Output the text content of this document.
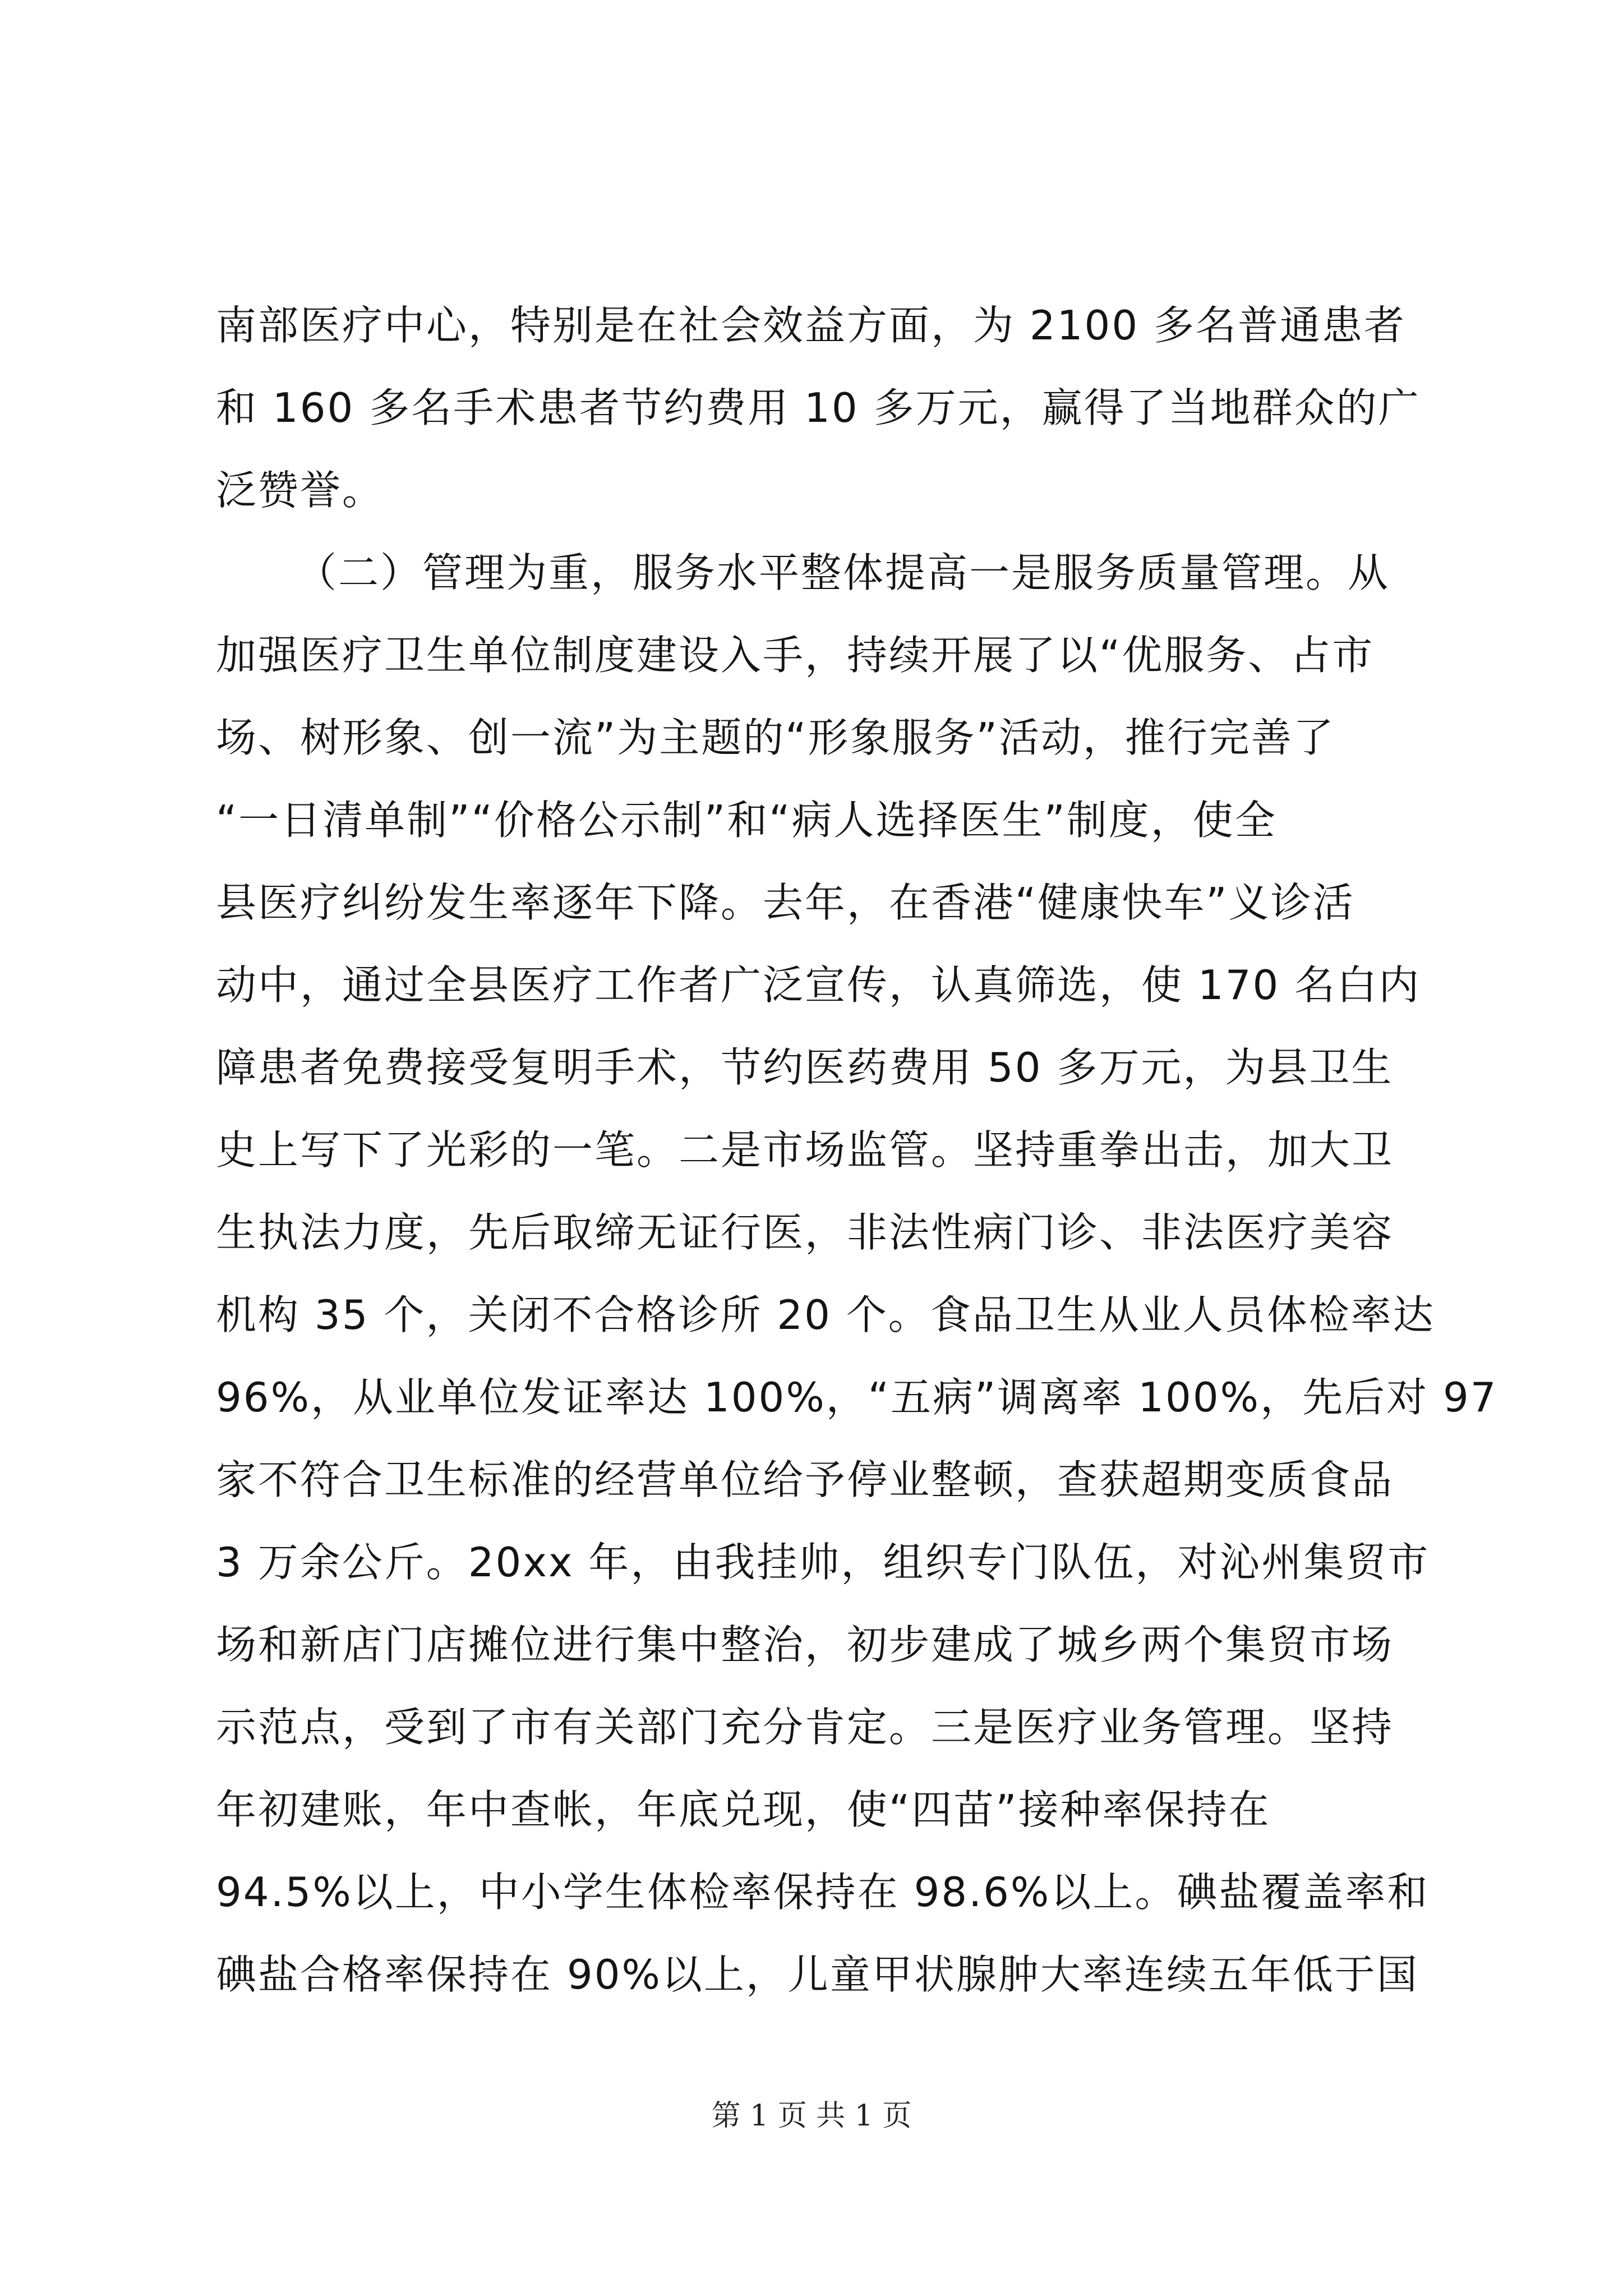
南部医疗中心，特别是在社会效益方面，为 2100 多名普通患者
和 160 多名手术患者节约费用 10 多万元，赢得了当地群众的广
泛赞誉。
（二）管理为重，服务水平整体提高一是服务质量管理。从
加强医疗卫生单位制度建设入手，持续开展了以“优服务、占市
场、树形象、创一流”为主题的“形象服务”活动，推行完善了
“一日清单制”“价格公示制”和“病人选择医生”制度，使全
县医疗纠纷发生率逐年下降。去年，在香港“健康快车”义诊活
动中，通过全县医疗工作者广泛宣传，认真筛选，使 170 名白内
障患者免费接受复明手术，节约医药费用 50 多万元，为县卫生
史上写下了光彩的一笔。二是市场监管。坚持重拳出击，加大卫
生执法力度，先后取缔无证行医，非法性病门诊、非法医疗美容
机构 35 个，关闭不合格诊所 20 个。食品卫生从业人员体检率达
96%，从业单位发证率达 100%，“五病”调离率 100%，先后对 97
家不符合卫生标准的经营单位给予停业整顿，查获超期变质食品
3 万余公斤。20xx 年，由我挂帅，组织专门队伍，对沁州集贸市
场和新店门店摊位进行集中整治，初步建成了城乡两个集贸市场
示范点，受到了市有关部门充分肯定。三是医疗业务管理。坚持
年初建账，年中查帐，年底兑现，使“四苗”接种率保持在
94.5%以上，中小学生体检率保持在 98.6%以上。碘盐覆盖率和
碘盐合格率保持在 90%以上，儿童甲状腺肿大率连续五年低于国
第 1 页 共 1 页
